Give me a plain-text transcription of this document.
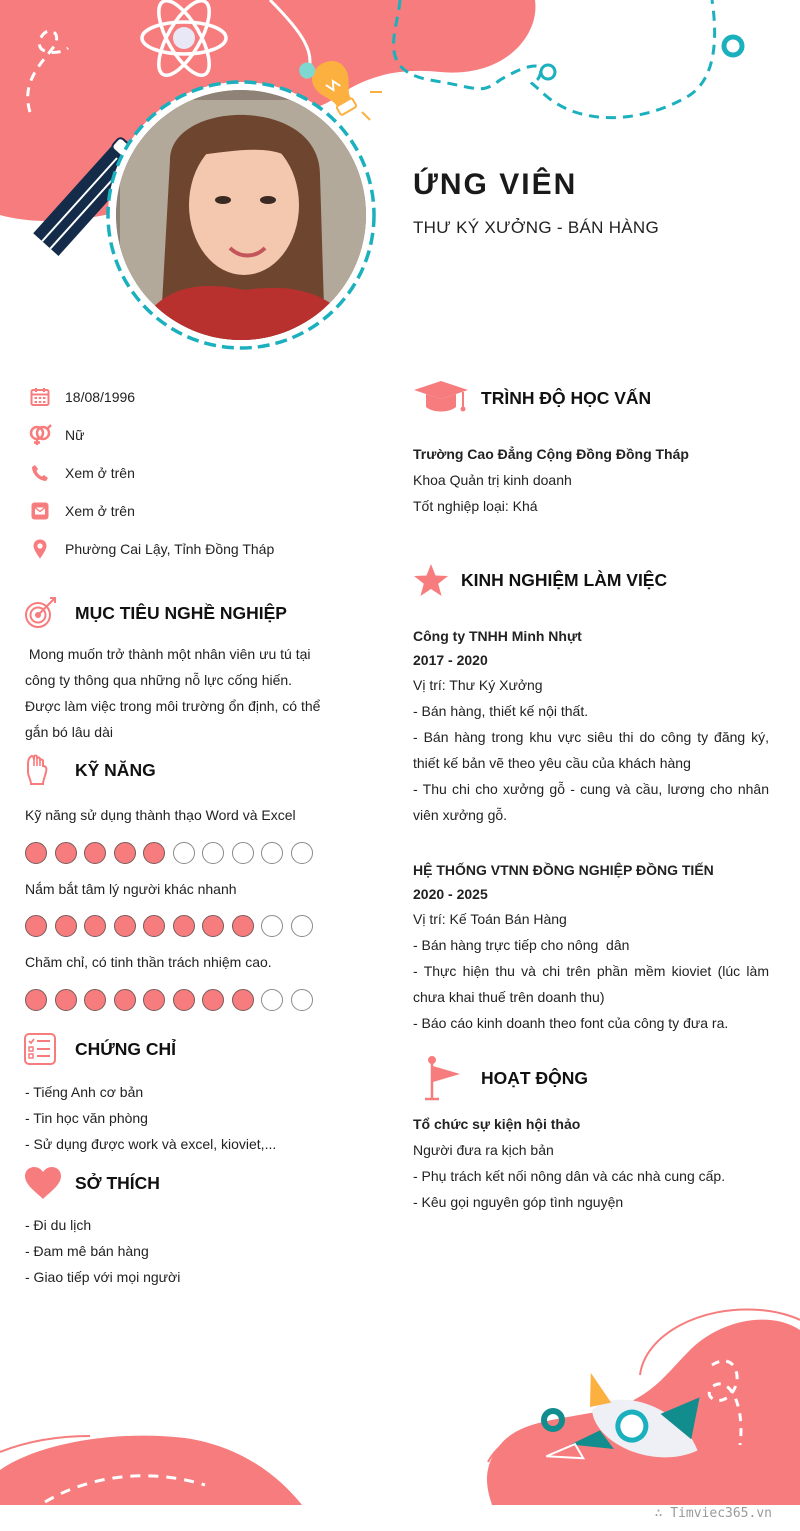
ỨNG VIÊN
THƯ KÝ XƯỞNG - BÁN HÀNG
18/08/1996
Nữ
Xem ở trên
Xem ở trên
Phường Cai Lậy, Tỉnh Đồng Tháp
MỤC TIÊU NGHỀ NGHIỆP
Mong muốn trở thành một nhân viên ưu tú tại
công ty thông qua những nỗ lực cống hiến.
Được làm việc trong môi trường ổn định, có thể
gắn bó lâu dài
KỸ NĂNG
Kỹ năng sử dụng thành thạo Word và Excel
Nắm bắt tâm lý người khác nhanh
Chăm chỉ, có tinh thần trách nhiệm cao.
CHỨNG CHỈ
- Tiếng Anh cơ bản
- Tin học văn phòng
- Sử dụng được work và excel, kioviet,...
SỞ THÍCH
- Đi du lịch
- Đam mê bán hàng
- Giao tiếp với mọi người
TRÌNH ĐỘ HỌC VẤN
Trường Cao Đẳng Cộng Đồng Đồng Tháp
Khoa Quản trị kinh doanh
Tốt nghiệp loại: Khá
KINH NGHIỆM LÀM VIỆC
Công ty TNHH Minh Nhựt
2017 - 2020
Vị trí: Thư Ký Xưởng
- Bán hàng, thiết kế nội thất.
- Bán hàng trong khu vực siêu thi do công ty đăng ký, thiết kế bản vẽ theo yêu cầu của khách hàng
- Thu chi cho xưởng gỗ - cung và cầu, lương cho nhân viên xưởng gỗ.
HỆ THỐNG VTNN ĐỒNG NGHIỆP ĐỒNG TIẾN
2020 - 2025
Vị trí: Kế Toán Bán Hàng
- Bán hàng trực tiếp cho nông  dân
- Thực hiện thu và chi trên phần mềm kioviet (lúc làm chưa khai thuế trên doanh thu)
- Báo cáo kinh doanh theo font của công ty đưa ra.
HOẠT ĐỘNG
Tổ chức sự kiện hội thảo
Người đưa ra kịch bản
- Phụ trách kết nối nông dân và các nhà cung cấp.
- Kêu gọi nguyên góp tình nguyện
∴ Timviec365.vn
